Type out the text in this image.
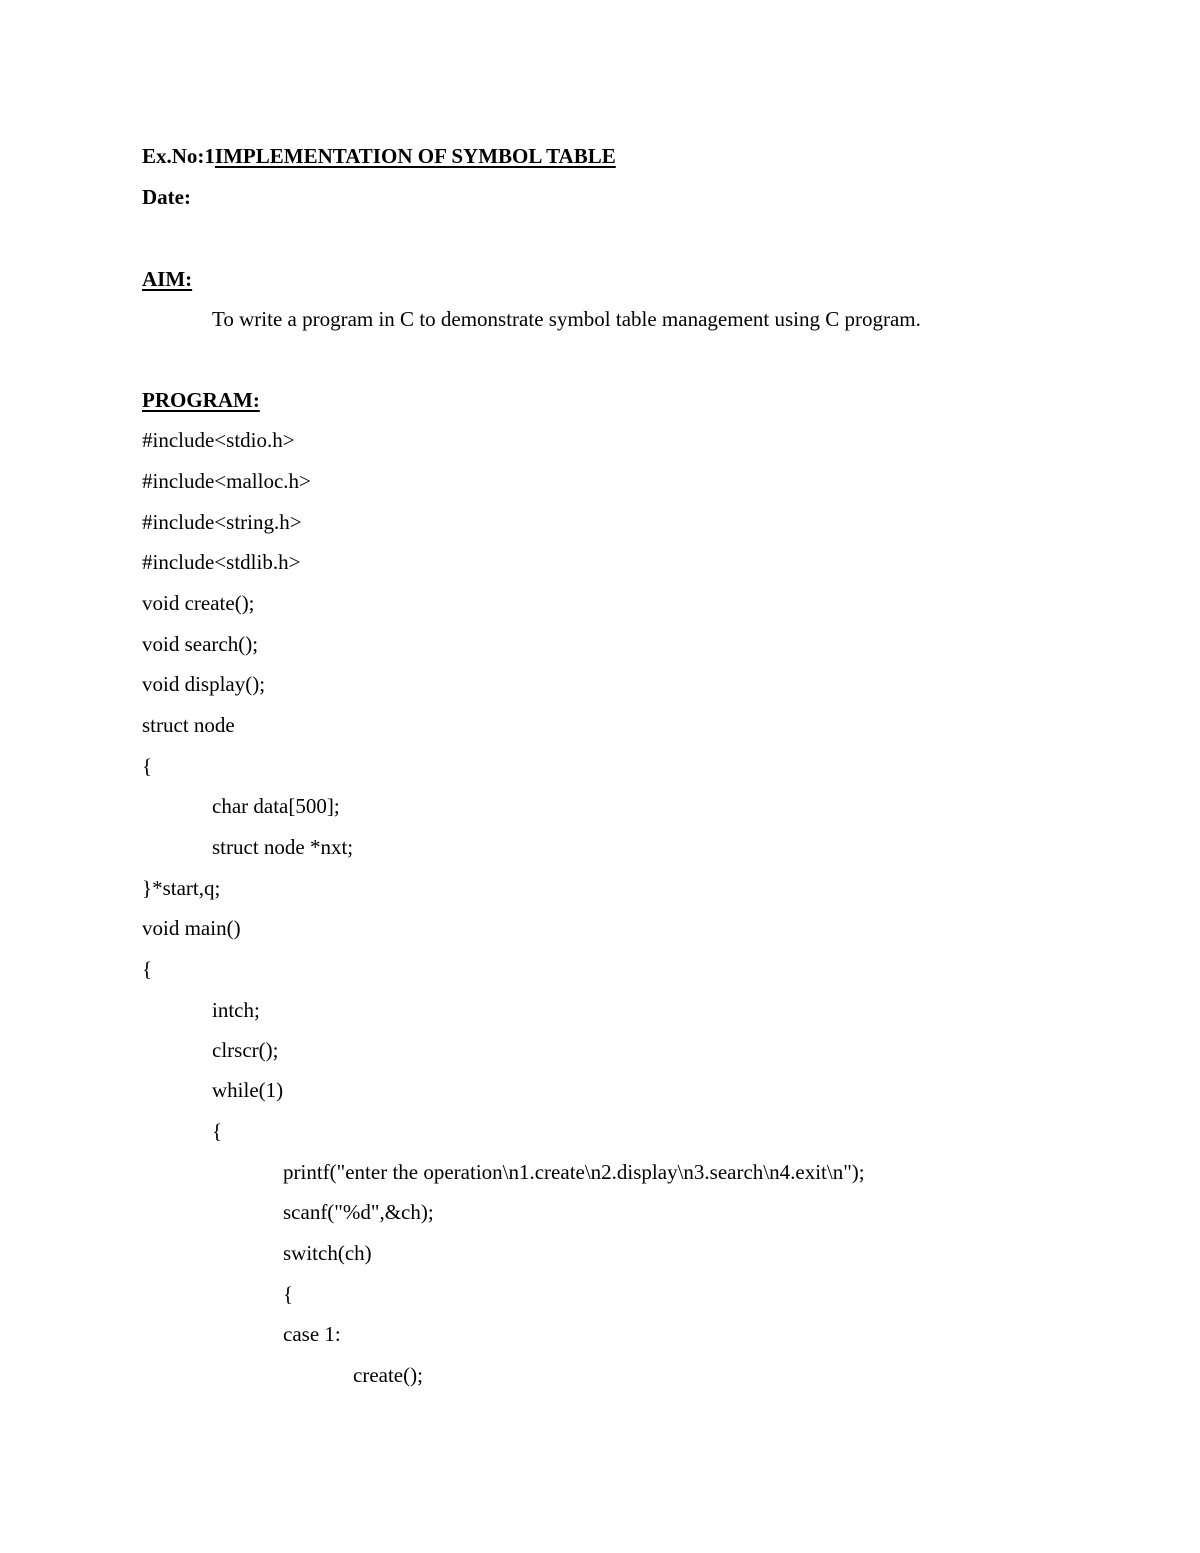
Ex.No:1IMPLEMENTATION OF SYMBOL TABLE
Date:
AIM:
To write a program in C to demonstrate symbol table management using C program.
PROGRAM:
#include<stdio.h>
#include<malloc.h>
#include<string.h>
#include<stdlib.h>
void create();
void search();
void display();
struct node
{
char data[500];
struct node *nxt;
}*start,q;
void main()
{
intch;
clrscr();
while(1)
{
printf("enter the operation\n1.create\n2.display\n3.search\n4.exit\n");
scanf("%d",&ch);
switch(ch)
{
case 1:
create();
